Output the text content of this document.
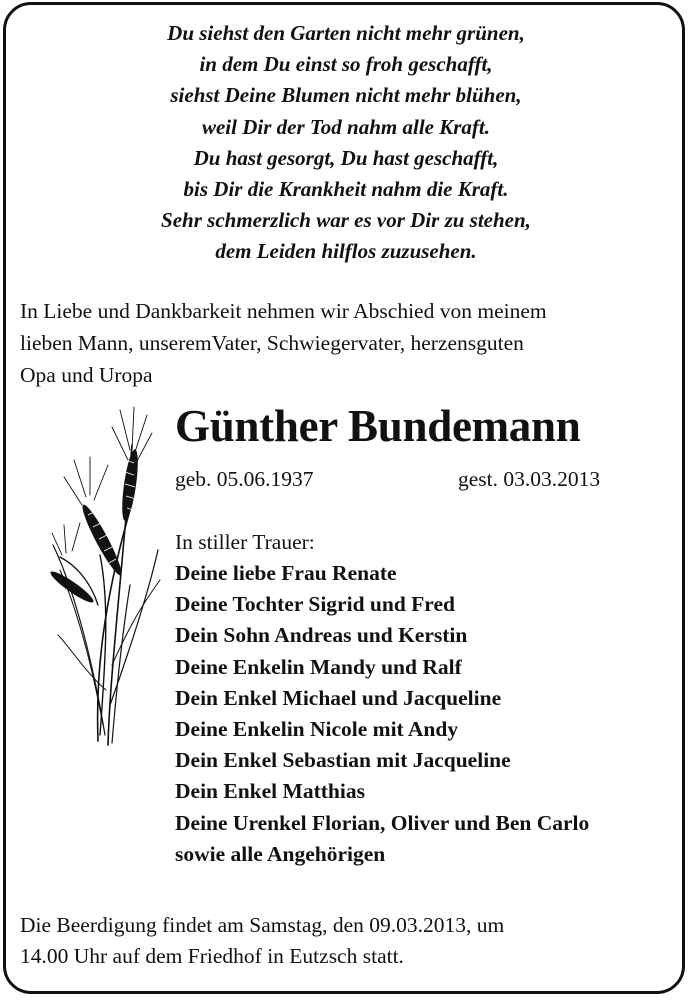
Du siehst den Garten nicht mehr grünen,
in dem Du einst so froh geschafft,
siehst Deine Blumen nicht mehr blühen,
weil Dir der Tod nahm alle Kraft.
Du hast gesorgt, Du hast geschafft,
bis Dir die Krankheit nahm die Kraft.
Sehr schmerzlich war es vor Dir zu stehen,
dem Leiden hilflos zuzusehen.
In Liebe und Dankbarkeit nehmen wir Abschied von meinem
lieben Mann, unseremVater, Schwiegervater, herzensguten
Opa und Uropa
Günther Bundemann
geb. 05.06.1937	gest. 03.03.2013
In stiller Trauer:
Deine liebe Frau Renate
Deine Tochter Sigrid und Fred
Dein Sohn Andreas und Kerstin
Deine Enkelin Mandy und Ralf
Dein Enkel Michael und Jacqueline
Deine Enkelin Nicole mit Andy
Dein Enkel Sebastian mit Jacqueline
Dein Enkel Matthias
Deine Urenkel Florian, Oliver und Ben Carlo
sowie alle Angehörigen
Die Beerdigung findet am Samstag, den 09.03.2013, um
14.00 Uhr auf dem Friedhof in Eutzsch statt.
